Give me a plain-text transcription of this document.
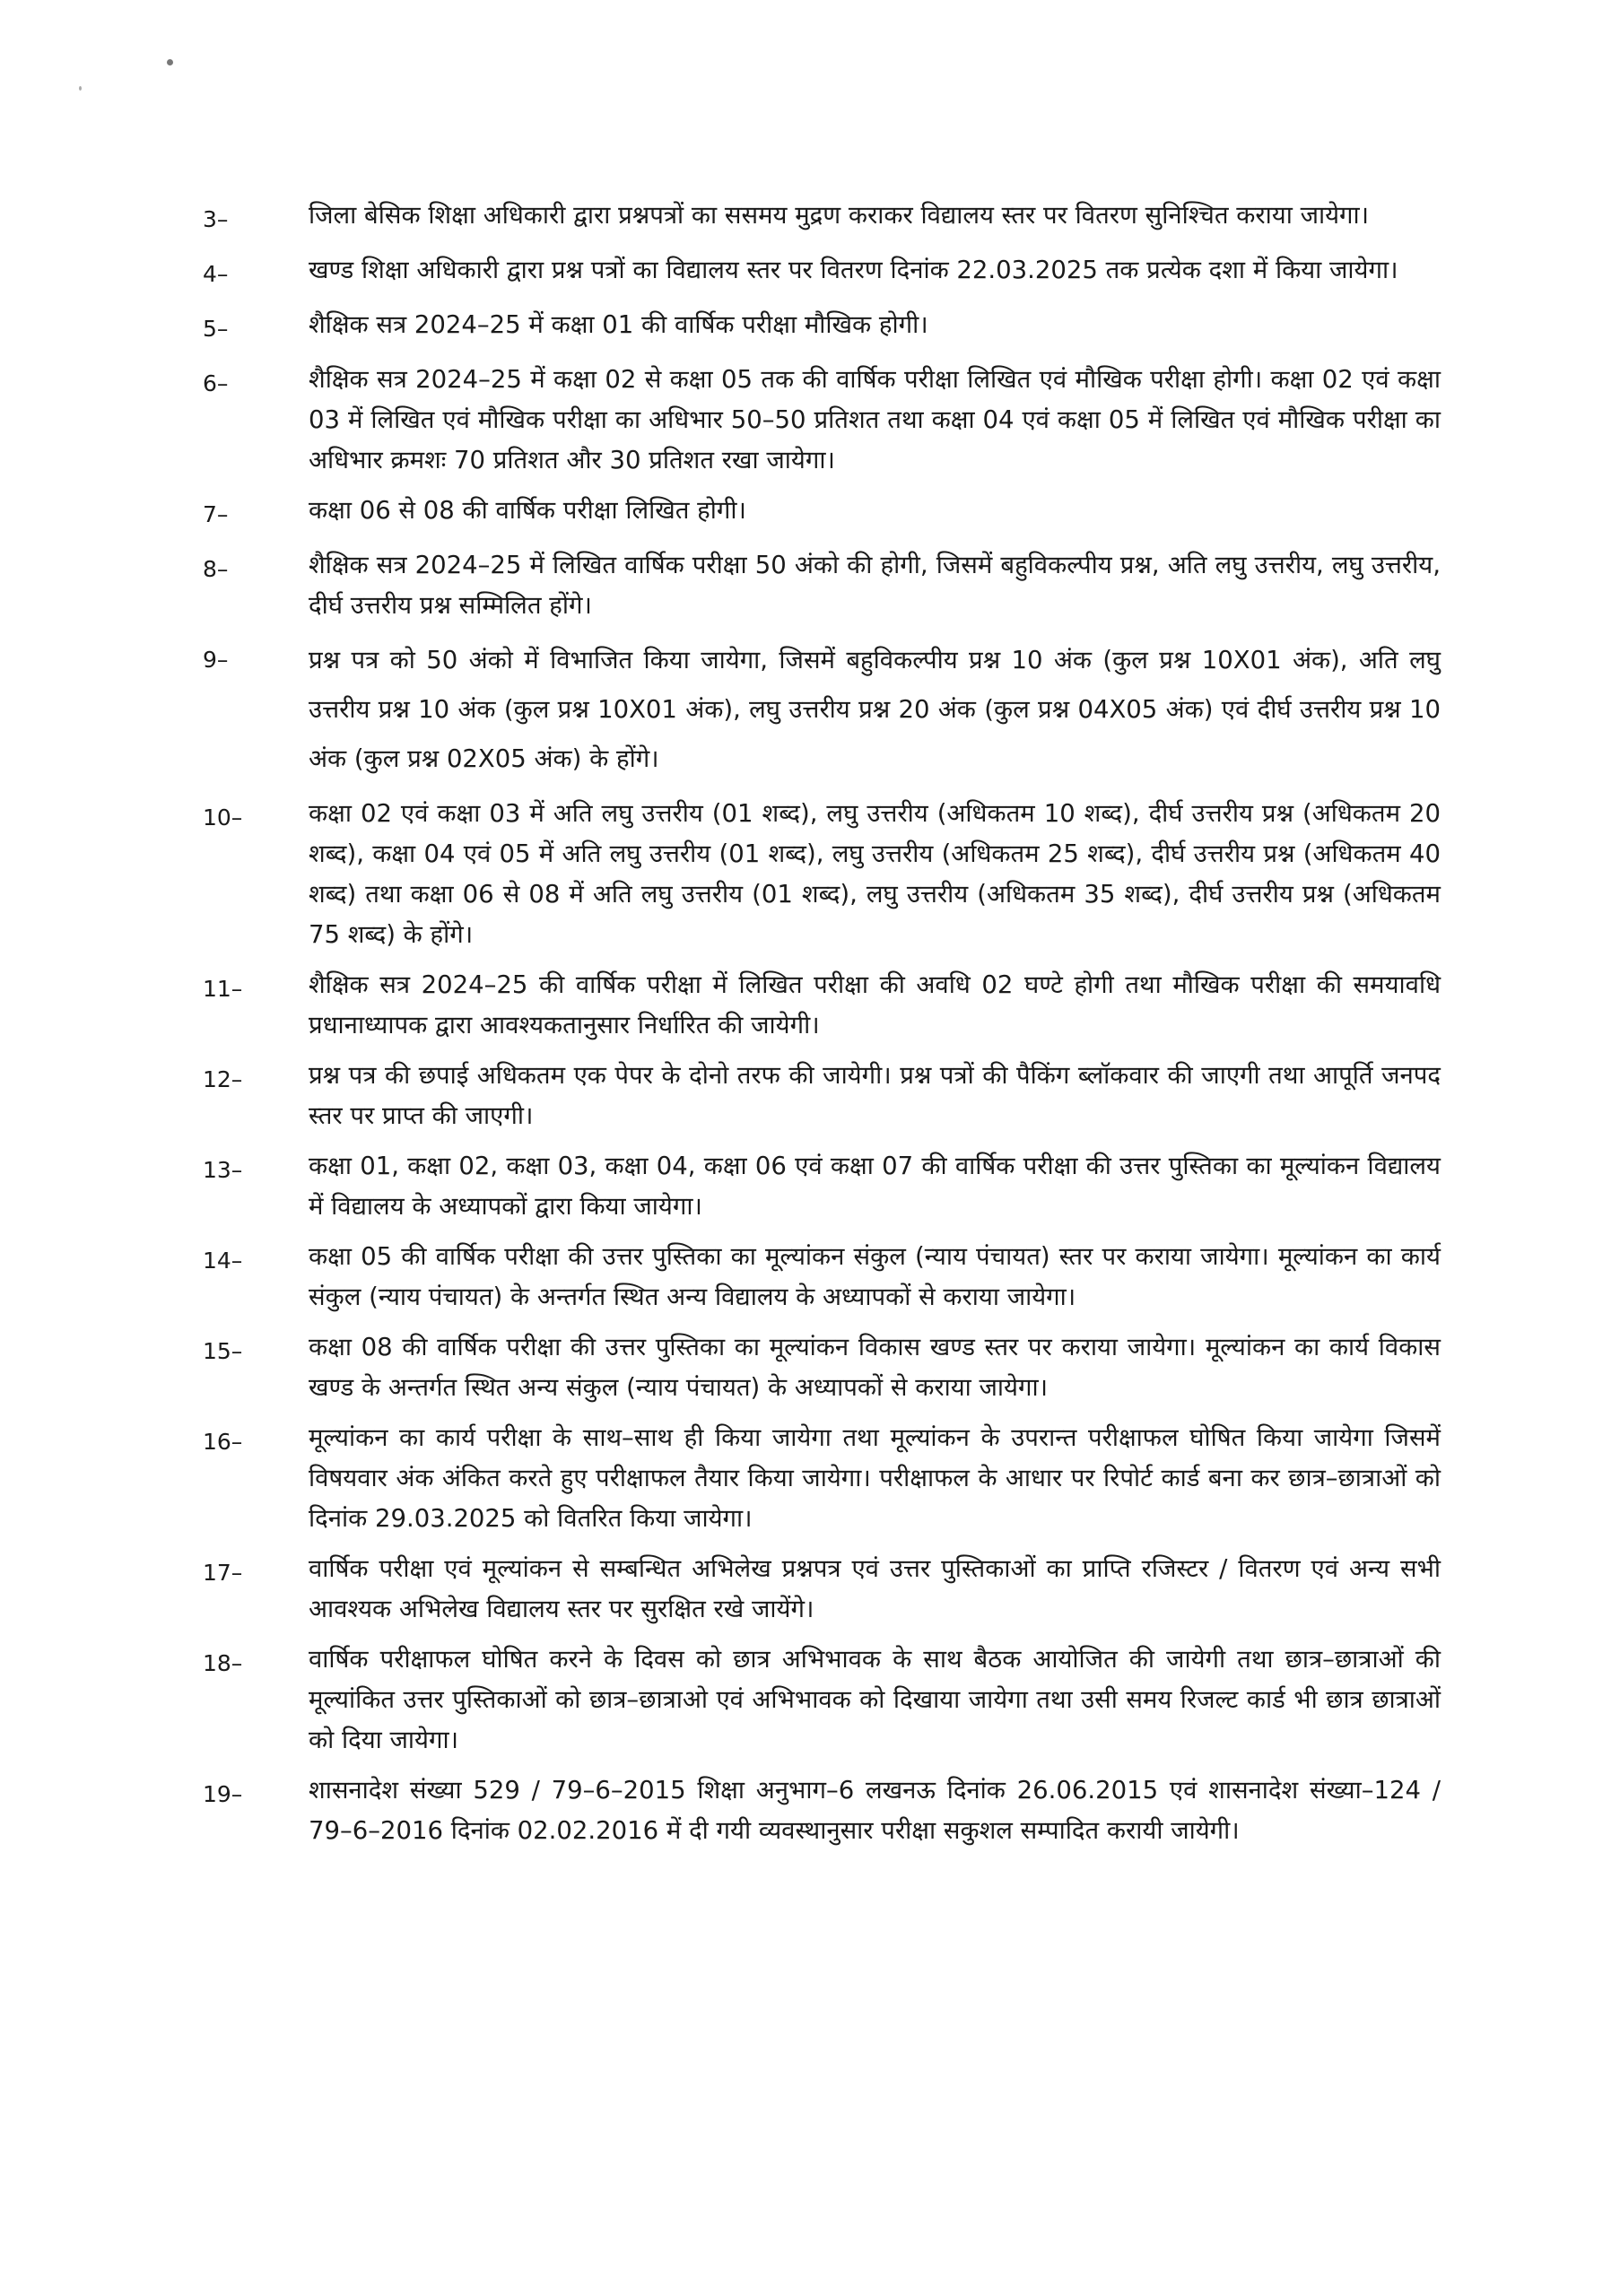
3–	जिला बेसिक शिक्षा अधिकारी द्वारा प्रश्नपत्रों का ससमय मुद्रण कराकर विद्यालय स्तर पर वितरण सुनिश्चित कराया जायेगा।
4–	खण्ड शिक्षा अधिकारी द्वारा प्रश्न पत्रों का विद्यालय स्तर पर वितरण दिनांक 22.03.2025 तक प्रत्येक दशा में किया जायेगा।
5–	शैक्षिक सत्र 2024–25 में कक्षा 01 की वार्षिक परीक्षा मौखिक होगी।
6–	शैक्षिक सत्र 2024–25 में कक्षा 02 से कक्षा 05 तक की वार्षिक परीक्षा लिखित एवं मौखिक परीक्षा होगी। कक्षा 02 एवं कक्षा 03 में लिखित एवं मौखिक परीक्षा का अधिभार 50–50 प्रतिशत तथा कक्षा 04 एवं कक्षा 05 में लिखित एवं मौखिक परीक्षा का अधिभार क्रमशः 70 प्रतिशत और 30 प्रतिशत रखा जायेगा।
7–	कक्षा 06 से 08 की वार्षिक परीक्षा लिखित होगी।
8–	शैक्षिक सत्र 2024–25 में लिखित वार्षिक परीक्षा 50 अंको की होगी, जिसमें बहुविकल्पीय प्रश्न, अति लघु उत्तरीय, लघु उत्तरीय, दीर्घ उत्तरीय प्रश्न सम्मिलित होंगे।
9–	प्रश्न पत्र को 50 अंको में विभाजित किया जायेगा, जिसमें बहुविकल्पीय प्रश्न 10 अंक (कुल प्रश्न 10X01 अंक), अति लघु उत्तरीय प्रश्न 10 अंक (कुल प्रश्न 10X01 अंक), लघु उत्तरीय प्रश्न 20 अंक (कुल प्रश्न 04X05 अंक) एवं दीर्घ उत्तरीय प्रश्न 10 अंक (कुल प्रश्न 02X05 अंक) के होंगे।
10–	कक्षा 02 एवं कक्षा 03 में अति लघु उत्तरीय (01 शब्द), लघु उत्तरीय (अधिकतम 10 शब्द), दीर्घ उत्तरीय प्रश्न (अधिकतम 20 शब्द), कक्षा 04 एवं 05 में अति लघु उत्तरीय (01 शब्द), लघु उत्तरीय (अधिकतम 25 शब्द), दीर्घ उत्तरीय प्रश्न (अधिकतम 40 शब्द) तथा कक्षा 06 से 08 में अति लघु उत्तरीय (01 शब्द), लघु उत्तरीय (अधिकतम 35 शब्द), दीर्घ उत्तरीय प्रश्न (अधिकतम 75 शब्द) के होंगे।
11–	शैक्षिक सत्र 2024–25 की वार्षिक परीक्षा में लिखित परीक्षा की अवधि 02 घण्टे होगी तथा मौखिक परीक्षा की समयावधि प्रधानाध्यापक द्वारा आवश्यकतानुसार निर्धारित की जायेगी।
12–	प्रश्न पत्र की छपाई अधिकतम एक पेपर के दोनो तरफ की जायेगी। प्रश्न पत्रों की पैकिंग ब्लॉकवार की जाएगी तथा आपूर्ति जनपद स्तर पर प्राप्त की जाएगी।
13–	कक्षा 01, कक्षा 02, कक्षा 03, कक्षा 04, कक्षा 06 एवं कक्षा 07 की वार्षिक परीक्षा की उत्तर पुस्तिका का मूल्यांकन विद्यालय में विद्यालय के अध्यापकों द्वारा किया जायेगा।
14–	कक्षा 05 की वार्षिक परीक्षा की उत्तर पुस्तिका का मूल्यांकन संकुल (न्याय पंचायत) स्तर पर कराया जायेगा। मूल्यांकन का कार्य संकुल (न्याय पंचायत) के अन्तर्गत स्थित अन्य विद्यालय के अध्यापकों से कराया जायेगा।
15–	कक्षा 08 की वार्षिक परीक्षा की उत्तर पुस्तिका का मूल्यांकन विकास खण्ड स्तर पर कराया जायेगा। मूल्यांकन का कार्य विकास खण्ड के अन्तर्गत स्थित अन्य संकुल (न्याय पंचायत) के अध्यापकों से कराया जायेगा।
16–	मूल्यांकन का कार्य परीक्षा के साथ–साथ ही किया जायेगा तथा मूल्यांकन के उपरान्त परीक्षाफल घोषित किया जायेगा जिसमें विषयवार अंक अंकित करते हुए परीक्षाफल तैयार किया जायेगा। परीक्षाफल के आधार पर रिपोर्ट कार्ड बना कर छात्र–छात्राओं को दिनांक 29.03.2025 को वितरित किया जायेगा।
17–	वार्षिक परीक्षा एवं मूल्यांकन से सम्बन्धित अभिलेख प्रश्नपत्र एवं उत्तर पुस्तिकाओं का प्राप्ति रजिस्टर / वितरण एवं अन्य सभी आवश्यक अभिलेख विद्यालय स्तर पर सुरक्षित रखे जायेंगे।
18–	वार्षिक परीक्षाफल घोषित करने के दिवस को छात्र अभिभावक के साथ बैठक आयोजित की जायेगी तथा छात्र–छात्राओं की मूल्यांकित उत्तर पुस्तिकाओं को छात्र–छात्राओ एवं अभिभावक को दिखाया जायेगा तथा उसी समय रिजल्ट कार्ड भी छात्र छात्राओं को दिया जायेगा।
19–	शासनादेश संख्या 529 / 79–6–2015 शिक्षा अनुभाग–6 लखनऊ दिनांक 26.06.2015 एवं शासनादेश संख्या–124 / 79–6–2016 दिनांक 02.02.2016 में दी गयी व्यवस्थानुसार परीक्षा सकुशल सम्पादित करायी जायेगी।
